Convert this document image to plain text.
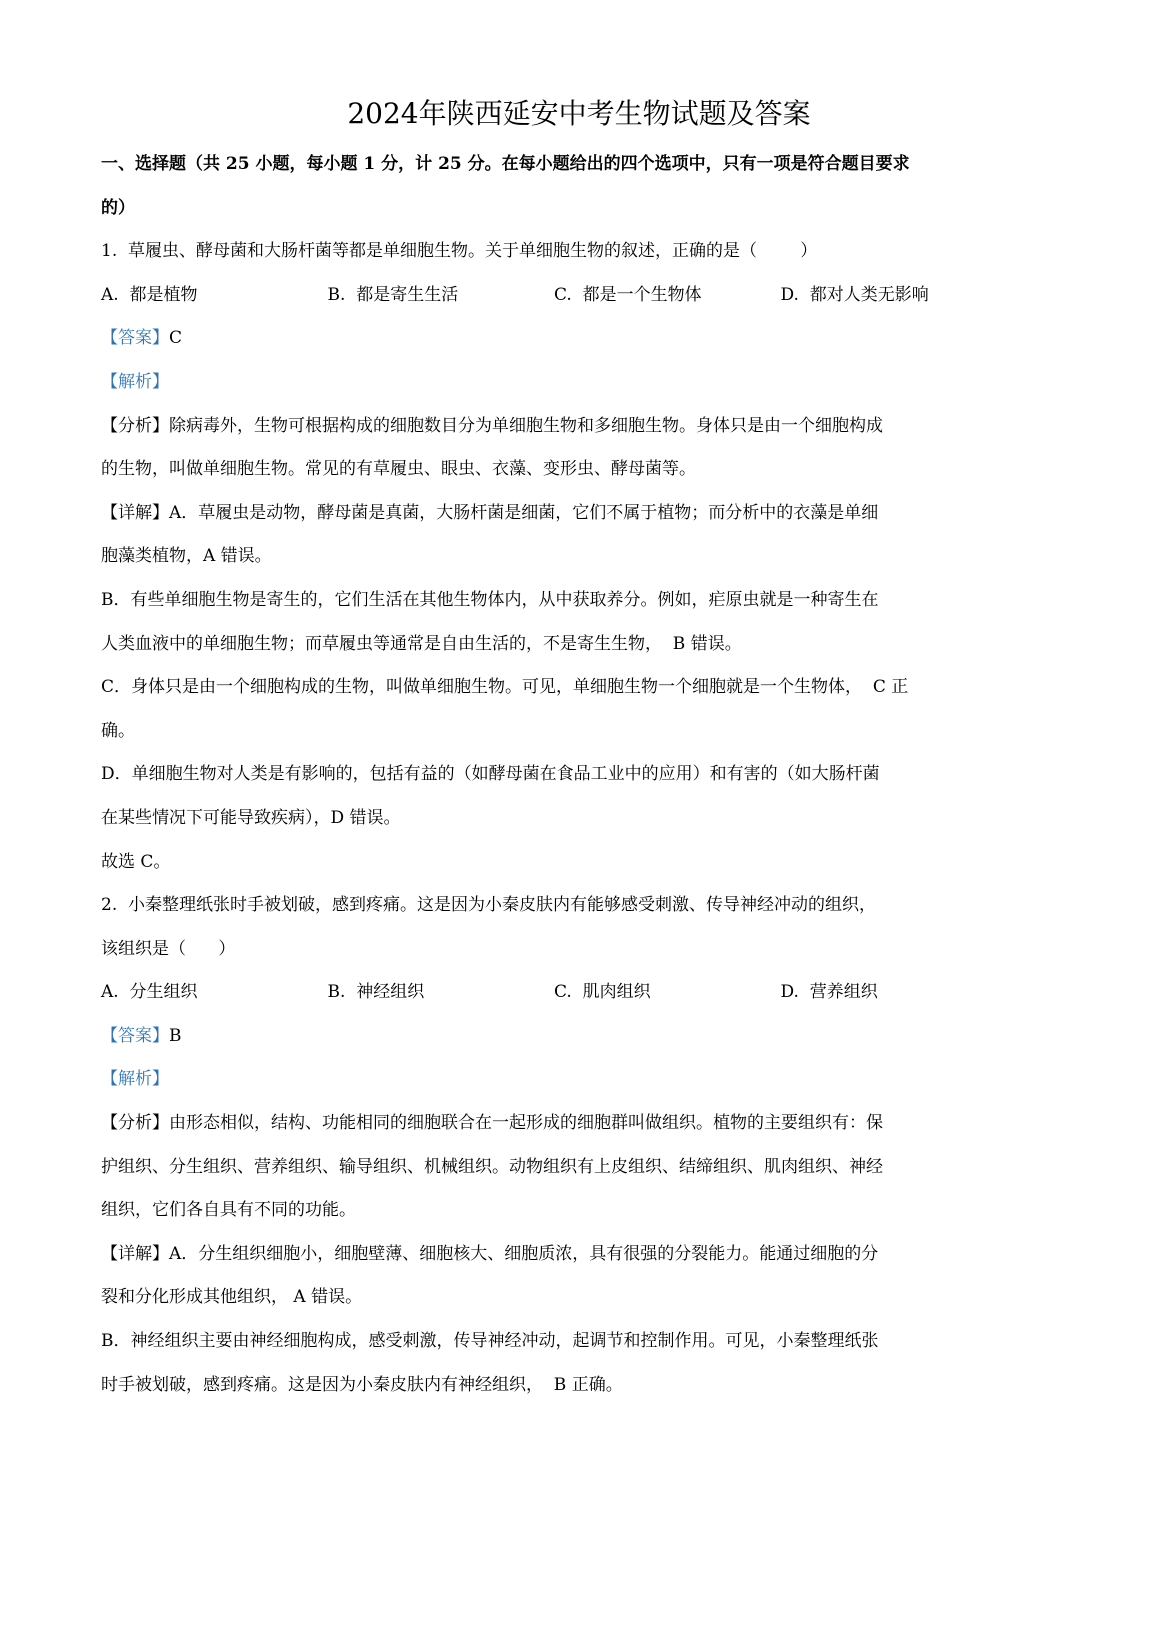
2024年陕西延安中考生物试题及答案
一、选择题（共 25 小题，每小题 1 分，计 25 分。在每小题给出的四个选项中，只有一项是符合题目要求
的）
1.  草履虫、酵母菌和大肠杆菌等都是单细胞生物。关于单细胞生物的叙述，正确的是（        ）
A.  都是植物	B.  都是寄生生活	C.  都是一个生物体	D.  都对人类无影响
【答案】C
【解析】
【分析】除病毒外，生物可根据构成的细胞数目分为单细胞生物和多细胞生物。身体只是由一个细胞构成
的生物，叫做单细胞生物。常见的有草履虫、眼虫、衣藻、变形虫、酵母菌等。
【详解】A．草履虫是动物，酵母菌是真菌，大肠杆菌是细菌，它们不属于植物；而分析中的衣藻是单细
胞藻类植物，A 错误。
B．有些单细胞生物是寄生的，它们生活在其他生物体内，从中获取养分。例如，疟原虫就是一种寄生在
人类血液中的单细胞生物；而草履虫等通常是自由生活的，不是寄生生物，  B 错误。
C．身体只是由一个细胞构成的生物，叫做单细胞生物。可见，单细胞生物一个细胞就是一个生物体，  C 正
确。
D．单细胞生物对人类是有影响的，包括有益的（如酵母菌在食品工业中的应用）和有害的（如大肠杆菌
在某些情况下可能导致疾病），D 错误。
故选 C。
2.  小秦整理纸张时手被划破，感到疼痛。这是因为小秦皮肤内有能够感受刺激、传导神经冲动的组织，
该组织是（      ）
A.  分生组织	B.  神经组织	C.  肌肉组织	D.  营养组织
【答案】B
【解析】
【分析】由形态相似，结构、功能相同的细胞联合在一起形成的细胞群叫做组织。植物的主要组织有：保
护组织、分生组织、营养组织、输导组织、机械组织。动物组织有上皮组织、结缔组织、肌肉组织、神经
组织，它们各自具有不同的功能。
【详解】A．分生组织细胞小，细胞壁薄、细胞核大、细胞质浓，具有很强的分裂能力。能通过细胞的分
裂和分化形成其他组织， A 错误。
B．神经组织主要由神经细胞构成，感受刺激，传导神经冲动，起调节和控制作用。可见，小秦整理纸张
时手被划破，感到疼痛。这是因为小秦皮肤内有神经组织，  B 正确。
